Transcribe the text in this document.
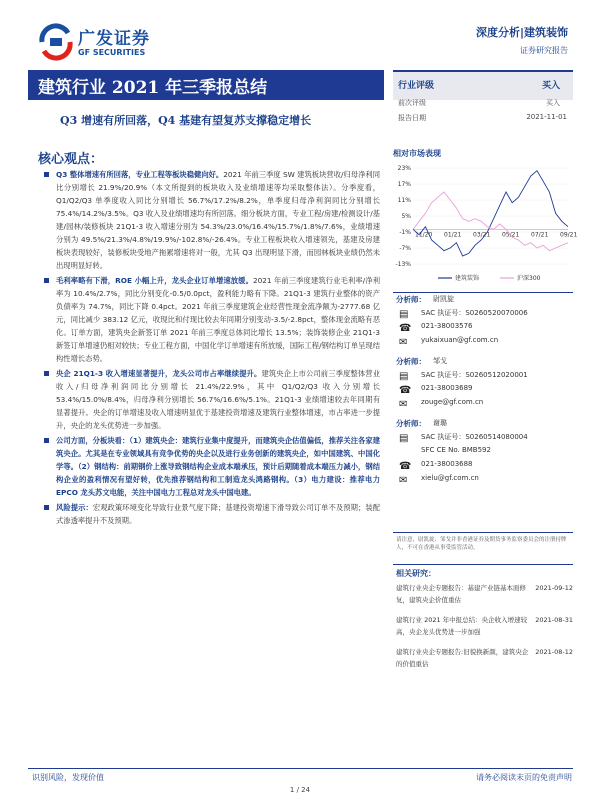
广发证券
GF SECURITIES
深度分析|建筑装饰
证券研究报告
建筑行业 2021 年三季报总结
Q3 增速有所回落，Q4 基建有望复苏支撑稳定增长
行业评级	买入
前次评级	买入
报告日期	2021-11-01
核心观点：
Q3 整体增速有所回落，专业工程等板块稳健向好。2021 年前三季度 SW 建筑板块营收/归母净利同比分别增长 21.9%/20.9%（本文所提到的板块收入及业绩增速等均采取整体法）。分季度看，Q1/Q2/Q3 单季度收入同比分别增长 56.7%/17.2%/8.2%，单季度归母净利润同比分别增长 75.4%/14.2%/3.5%。Q3 收入及业绩增速均有所回落。细分板块方面，专业工程/房建/检测设计/基建/园林/装修板块 21Q1-3 收入增速分别为 54.3%/23.0%/16.4%/15.7%/1.8%/7.6%，业绩增速分别为 49.5%/21.3%/4.8%/19.9%/-102.8%/-26.4%。专业工程板块收入增速领先，基建及房建板块表现较好，装修板块受地产拖累增速将对一般，尤其 Q3 出现明显下滑，而园林板块业绩仍然未出现明显好转。
毛利率略有下滑，ROE 小幅上升，龙头企业订单增速放缓。2021 年前三季度建筑行业毛利率/净利率为 10.4%/2.7%，同比分别变化-0.5/0.0pct，盈利能力略有下降。21Q1-3 建筑行业整体的资产负债率为 74.7%，同比下降 0.4pct。2021 年前三季度建筑企业经营性现金流净额为-2777.68 亿元，同比减少 383.12 亿元，收现比和付现比较去年同期分别变动-3.5/-2.8pct，整体现金流略有恶化。订单方面，建筑央企新签订单 2021 年前三季度总体同比增长 13.5%；装饰装修企业 21Q1-3 新签订单增速仍相对较快；专业工程方面，中国化学订单增速有所放缓，国际工程/钢结构订单呈现结构性增长态势。
央企 21Q1-3 收入增速显著提升，龙头公司市占率继续提升。建筑央企上市公司前三季度整体营业收入/归母净利润同比分别增长 21.4%/22.9%，其中 Q1/Q2/Q3 收入分别增长 53.4%/15.0%/8.4%，归母净利分别增长 56.7%/16.6%/5.1%。21Q1-3 业绩增速较去年同期有显著提升。央企的订单增速及收入增速明显优于基建投资增速及建筑行业整体增速，市占率进一步提升，央企的龙头优势进一步加强。
公司方面，分板块看：（1）建筑央企：建筑行业集中度提升，而建筑央企估值偏低，推荐关注各家建筑央企。尤其是在专业领域具有竞争优势的央企以及进行业务创新的建筑央企，如中国建筑、中国化学等。（2）钢结构：前期钢价上涨导致钢结构企业成本端承压，预计后期随着成本端压力减小，钢结构企业的盈利情况有望好转，优先推荐钢结构和工制造龙头鸿路钢构。（3）电力建设：推荐电力 EPCO 龙头苏文电能，关注中国电力工程总对龙头中国电建。
风险提示：宏观政策环境变化导致行业景气度下降；基建投资增速下滑导致公司订单不及预期；装配式渗透率提升不及预期。
相对市场表现
23%
17%
11%
5%
-1%
-7%
-13%
11/20 01/21 03/21 05/21 07/21 09/21
建筑装饰	沪深300
分析师： 尉凯旋
▤	SAC 执证号：S0260520070006
☎ 021-38003576
✉	yukaixuan@gf.com.cn
分析师： 邹戈
▤	SAC 执证号：S0260512020001
☎ 021-38003689
✉	zouge@gf.com.cn
分析师： 谢璐
▤	SAC 执证号：S0260514080004
SFC CE No. BMB592
☎ 021-38003688
✉	xielu@gf.com.cn
请注意，尉凯旋、邹戈并非香港证券及期货事务监察委员会的注册持牌人，不可在香港从事受监管活动。
相关研究：
建筑行业央企专题报告：基建产业链基本面修复，建筑央企价值重估
2021-09-12
建筑行业 2021 年中报总结：央企收入增速较高，央企龙头优势进一步加强
2021-08-31
建筑行业央企专题报告:旧貌换新颜，建筑央企的价值重估
2021-08-12
识别风险，发现价值	请务必阅读末页的免责声明
1 / 24
